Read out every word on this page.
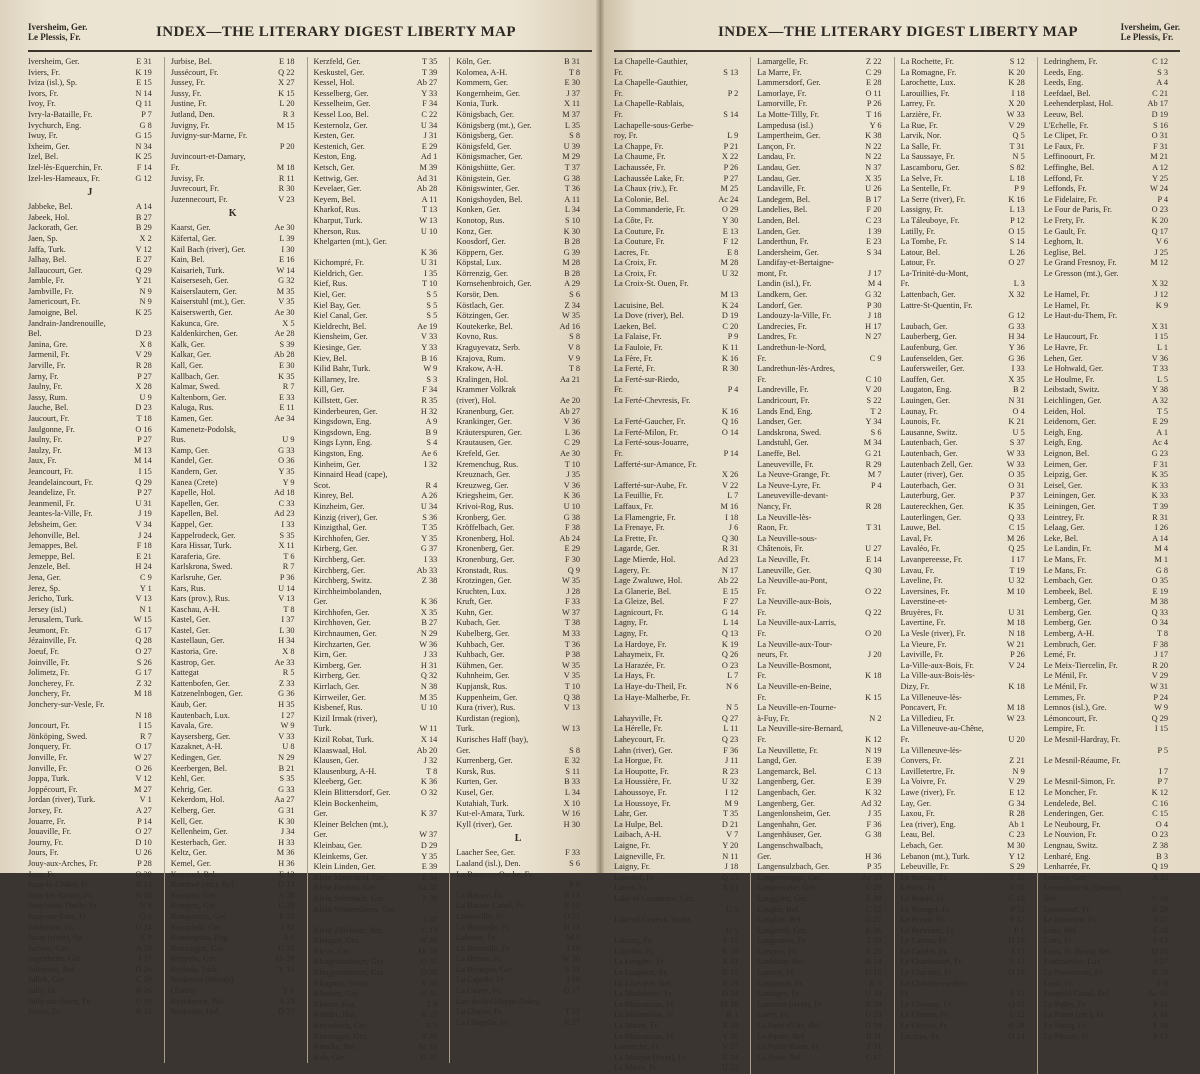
Iversheim, Ger.
Le Plessis, Fr.	INDEX—THE LITERARY DIGEST LIBERTY MAP
Iversheim, Ger.	E 31
Iviers, Fr.	K 19
Iviza (isl.), Sp.	E 15
Ivors, Fr.	N 14
Ivoy, Fr.	Q 11
Ivry-la-Bataille, Fr.	P 7
Ivychurch, Eng.	G 8
Iwuy, Fr.	G 15
Ixheim, Ger.	N 34
Izel, Bel.	K 25
Izel-lès-Equerchin, Fr.	F 14
Izel-les-Hameaux, Fr.	G 12
J
Jabbeke, Bel.	A 14
Jabeek, Hol.	B 27
Jackorath, Ger.	B 29
Jaen, Sp.	X 2
Jaffa, Turk.	V 12
Jalhay, Bel.	E 27
Jallaucourt, Ger.	Q 29
Jamble, Fr.	Y 21
Jambville, Fr.	N 9
Jamericourt, Fr.	N 9
Jamoigne, Bel.	K 25
Jandrain-Jandrenouille,
Bel.	D 23
Janina, Gre.	X 8
Jarmenil, Fr.	V 29
Jarville, Fr.	R 28
Jarny, Fr.	P 27
Jaulny, Fr.	X 28
Jassy, Rum.	U 9
Jauche, Bel.	D 23
Jaucourt, Fr.	T 18
Jaulgonne, Fr.	O 16
Jaulny, Fr.	P 27
Jaulzy, Fr.	M 13
Jaux, Fr.	M 14
Jeancourt, Fr.	I 15
Jeandelaincourt, Fr.	Q 29
Jeandelize, Fr.	P 27
Jeanmenil, Fr.	U 31
Jeantes-la-Ville, Fr.	J 19
Jebsheim, Ger.	V 34
Jehonville, Bel.	J 24
Jemappes, Bel.	F 18
Jemeppe, Bel.	E 21
Jenzele, Bel.	H 24
Jena, Ger.	C 9
Jerez, Sp.	Y 1
Jericho, Turk.	V 13
Jersey (isl.)	N 1
Jerusalem, Turk.	W 15
Jeumont, Fr.	G 17
Jézainville, Fr.	Q 28
Joeuf, Fr.	O 27
Joinville, Fr.	S 26
Jolimetz, Fr.	G 17
Joncherey, Fr.	Z 32
Jonchery, Fr.	M 18
Jonchery-sur-Vesle, Fr.
N 18
Joncourt, Fr.	I 15
Jönköping, Swed.	R 7
Jonquery, Fr.	O 17
Jonville, Fr.	W 27
Jonville, Fr.	O 26
Joppa, Turk.	V 12
Joppécourt, Fr.	M 27
Jordan (river), Turk.	V 1
Jorxey, Fr.	A 27
Jouarre, Fr.	P 14
Jouaville, Fr.	O 27
Journy, Fr.	D 10
Jours, Fr.	U 26
Jouy-aux-Arches, Fr.	P 28
Jouy, Fr.	O 29
Jouy-le-Châtel, Fr.	R 14
Jouy-lès-Reims, Fr.	N 18
Jouy-sous-Thelle, Fr.	N 9
Jouy-sur-Eure, Fr.	Q 8
Jubécourt, Fr.	O 24
Jucar (river), Sp.	X 9
Juchen, Ger.	A 29
Jugenheim, Ger.	I 37
Julémont, Bel.	D 26
Julich, Ger.	C 29
Jully, Fr.	R 26
Jully-sur-Sarce, Fr.	U 19
Jumet, Fr.	R 15
Jurbise, Bel.	E 18
Jussécourt, Fr.	Q 22
Jussey, Fr.	X 27
Jussy, Fr.	K 15
Justine, Fr.	L 20
Jutland, Den.	R 3
Juvigny, Fr.	M 15
Juvigny-sur-Marne, Fr.
P 20
Juvincourt-et-Damary,
Fr.	M 18
Juvisy, Fr.	R 11
Juvrecourt, Fr.	R 30
Juzennecourt, Fr.	V 23
K
Kaarst, Ger.	Ae 30
Käfertal, Ger.	L 39
Kail Bach (river), Ger.	I 30
Kain, Bel.	E 16
Kaisarieh, Turk.	W 14
Kaiserseseh, Ger.	G 32
Kaiserslautern, Ger.	M 35
Kaiserstuhl (mt.), Ger.	V 35
Kaiserswerth, Ger.	Ae 30
Kakunca, Gre.	X 5
Kaldenkirchen, Ger.	Ae 28
Kalk, Ger.	S 39
Kalkar, Ger.	Ab 28
Kall, Ger.	E 30
Kallbach, Ger.	K 35
Kalmar, Swed.	R 7
Kaltenborn, Ger.	E 33
Kaluga, Rus.	E 11
Kamen, Ger.	Ae 34
Kamenetz-Podolsk,
Rus.	U 9
Kamp, Ger.	G 33
Kandel, Ger.	O 36
Kandern, Ger.	Y 35
Kanea (Crete)	Y 9
Kapelle, Hol.	Ad 18
Kapellen, Ger.	C 33
Kapellen, Bel.	Ad 23
Kappel, Ger.	I 33
Kappelrodeck, Ger.	S 35
Kara Hissar, Turk.	X 11
Karaferia, Gre.	T 6
Karlskrona, Swed.	R 7
Karlsruhe, Ger.	P 36
Kars, Rus.	U 14
Kars (prov.), Rus.	V 13
Kaschau, A-H.	T 8
Kastel, Ger.	I 37
Kastel, Ger.	L 30
Kastellaun, Ger.	H 34
Kastoria, Gre.	X 8
Kastrop, Ger.	Ae 33
Kattegat	R 5
Kattenbofen, Ger.	Z 33
Katzenelnbogen, Ger.	G 36
Kaub, Ger.	H 35
Kautenbach, Lux.	I 27
Kavala, Gre.	W 9
Kaysersberg, Ger.	V 33
Kazaknet, A-H.	U 8
Kedingen, Ger.	N 29
Keerbergen, Bel.	B 21
Kehl, Ger.	S 35
Kehrig, Ger.	G 33
Kekerdom, Hol.	Aa 27
Kelberg, Ger.	G 31
Kell, Ger.	K 30
Kellenheim, Ger.	J 34
Kesterbach, Ger.	H 33
Keltz, Ger.	M 36
Kemel, Ger.	H 36
Kemmel, Bel.	E 13
Kemmel (mt.), Bel.	D 13
Kempen, Ger.	A 28
Kempen, Ger.	C 29
Kempenich, Ger.	F 32
Kempfeld, Ger.	J 32
Kennington, Eng.	A 5
Kenzingen, Ger.	U 35
Keppeln, Ger.	Ab 28
Kerbela, Turk.	X 15
Kerkenna (islands)
(Tunis)	Y 6
Kerkhoven, Bel.	A 23
Kerkrade, Hol.	D 27
Kerzfeld, Ger.	T 35
Keskustel, Ger.	T 39
Kessel, Hol.	Ab 27
Kesselberg, Ger.	Y 33
Kesselheim, Ger.	F 34
Kessel Loo, Bel.	C 22
Kesternolz, Ger.	U 34
Kesten, Ger.	J 31
Kestenich, Ger.	E 29
Keston, Eng.	Ad 1
Ketsch, Ger.	M 39
Kettwig, Ger.	Ad 31
Kevelaer, Ger.	Ab 28
Keyem, Bel.	A 11
Kharkof, Rus.	T 13
Kharput, Turk.	W 13
Kherson, Rus.	U 10
Khelgarten (mt.), Ger.
K 36
Kichompré, Fr.	U 31
Kieldrich, Ger.	I 35
Kief, Rus.	T 10
Kiel, Ger.	S 5
Kiel Bay, Ger.	S 5
Kiel Canal, Ger.	S 5
Kieldrecht, Bel.	Ae 19
Kiensheim, Ger.	V 33
Kiesinge, Ger.	Y 33
Kiev, Bel.	B 16
Kilid Bahr, Turk.	W 9
Killarney, Ire.	S 3
Kill, Ger.	F 34
Killstett, Ger.	R 35
Kinderbeuren, Ger.	H 32
Kingsdown, Eng.	A 9
Kingsdown, Eng.	B 9
Kings Lynn, Eng.	S 4
Kingston, Eng.	Ae 6
Kinheim, Ger.	I 32
Kinnaird Head (cape),
Scot.	R 4
Kinrey, Bel.	A 26
Kinzheim, Ger.	U 34
Kinzig (river), Ger.	S 36
Kinzigthal, Ger.	T 35
Kirchhofen, Ger.	Y 35
Kirberg, Ger.	G 37
Kirchberg, Ger.	I 33
Kirchberg, Ger.	Ab 33
Kirchberg, Switz.	Z 38
Kirchheimbolanden,
Ger.	K 36
Kirchhofen, Ger.	X 35
Kirchhoven, Ger.	B 27
Kirchnaumen, Ger.	N 29
Kirchzarten, Ger.	W 36
Kirn, Ger.	J 33
Kirnberg, Ger.	H 31
Kirrberg, Ger.	Q 32
Kirrlach, Ger.	N 38
Kirrweiler, Ger.	M 35
Kisbenef, Rus.	U 10
Kizil Irmak (river),
Turk.	W 11
Kizil Robat, Turk.	X 14
Klaaswaal, Hol.	Ab 20
Klausen, Ger.	J 32
Klausenburg, A-H.	T 8
Kleeberg, Ger.	K 36
Klein Blittersdorf, Ger.	O 32
Klein Bockenheim,
Ger.	K 37
Kleiner Belchen (mt.),
Ger.	W 37
Kleinbau, Ger.	D 29
Kleinkems, Ger.	Y 35
Klein Linden, Ger.	E 39
Klein Maischeid, Ger.	E 34
Klein Recken, Ger.	Aa 32
Klein Steinbach, Ger.	P 39
Klein Winternheim, Ger.
I 37
Klein Zillebeke, Bel.	C 13
Klengen, Ger.	W 36
Kleve, Ger.	Ab 28
Klingenmünster, Ger.	O 35
Klingenmünster, Ger.	O 35
Klingnau, Switz.	Y 38
Klosters, Ger.	U 35
Kloster, Rus.	T 8
Knüder, Hol.	B 27
Knesebeck, Ger.	A 5
Kneeingen, Ger.	Y 36
Knocke, Bel.	Ac 16
Kob, Ger.	G 37
Köln, Ger.	B 31
Kolomea, A-H.	T 8
Kommern, Ger.	E 30
Kongernheim, Ger.	J 37
Konia, Turk.	X 11
Königsbach, Ger.	M 37
Königsberg (mt.), Ger.	L 35
Königsberg, Ger.	S 8
Königsfeld, Ger.	U 39
Königsmacher, Ger.	M 29
Königshütte, Ger.	T 37
Königstein, Ger.	G 38
Königswinter, Ger.	T 36
Konigshoyden, Bel.	A 11
Konken, Ger.	L 34
Konotop, Rus.	S 10
Konz, Ger.	K 30
Koosdorf, Ger.	B 28
Köppern, Ger.	G 39
Köpstal, Lux.	M 28
Körrenzig, Ger.	B 28
Kornsehenbroich, Ger.	A 29
Korsör, Den.	S 6
Köstlach, Ger.	Z 34
Kötzingen, Ger.	W 35
Koutekerke, Bel.	Ad 16
Kovno, Rus.	S 8
Kraguyevatz, Serb.	V 8
Krajova, Rum.	V 9
Krakow, A-H.	T 8
Kralingen, Hol.	Aa 21
Krammer Volkrak
(river), Hol.	Ae 20
Kranenburg, Ger.	Ab 27
Krankinger, Ger.	V 36
Kräuterspuren, Ger.	L 36
Krautausen, Ger.	C 29
Krefeld, Ger.	Ae 30
Kremenchug, Rus.	T 10
Kreuznach, Ger.	J 35
Kreuzweg, Ger.	V 36
Kriegsheim, Ger.	K 36
Krivoi-Rog, Rus.	U 10
Kronberg, Ger.	G 38
Kröffelbach, Ger.	F 38
Kronenberg, Hol.	Ab 24
Kronenberg, Ger.	E 29
Kronenburg, Ger.	F 30
Kronstadt, Rus.	Q 9
Krotzingen, Ger.	W 35
Kruchten, Lux.	J 28
Kruft, Ger.	F 33
Kuhn, Ger.	W 37
Kubach, Ger.	T 38
Kubelberg, Ger.	M 33
Kuhbach, Ger.	T 36
Kuhbach, Ger.	P 38
Kühmen, Ger.	W 35
Kuhnheim, Ger.	V 35
Kupjansk, Rus.	T 10
Kuppenheim, Ger.	Q 38
Kura (river), Rus.	V 13
Kurdistan (region),
Turk.	W 13
Kurisches Haff (bay),
Ger.	S 8
Kurrenberg, Ger.	E 32
Kursk, Rus.	S 11
Kurten, Ger.	B 33
Kusel, Ger.	L 34
Kutahiah, Turk.	X 10
Kut-el-Amara, Turk.	W 16
Kyll (river), Ger.	H 30
L
Laacher See, Ger.	F 33
Laaland (isl.), Den.	S 6
La Barre-en-Ouche, Fr.
P 8
La Bassée, Fr.	E 13
La Bassée Canal, Fr.	E 12
Labeuville, Fr.	O 27
La Boisselle, Fr.	H 13
Labosse, Fr.	M 9
La Bouteille, Fr.	I 19
La Bresse, Fr.	W 30
La Brouque, Ger.	S 33
La Capelle, Fr.	I 18
La Cauve, Fr.	Q 17
Lac-de-la-Gileppe (lake),
La Chaise, Fr.	T 23
La Chapelle, Fr.	R 27
INDEX—THE LITERARY DIGEST LIBERTY MAP	Iversheim, Ger.
Le Plessis, Fr.
La Chapelle-Gauthier,
Fr.	S 13
La Chapelle-Gauthier,
Fr.	P 2
La Chapelle-Rablais,
Fr.	S 14
Lachapelle-sous-Gerbe-
roy, Fr.	L 9
La Chappe, Fr.	P 21
La Chaume, Fr.	X 22
Lachaussée, Fr.	P 26
Lachaussée Lake, Fr.	P 27
La Chaux (riv.), Fr.	M 25
La Colonie, Bel.	Ac 24
La Commanderie, Fr.	O 29
La Côte, Fr.	Y 30
La Couture, Fr.	E 13
La Couture, Fr.	F 12
Lacres, Fr.	E 8
La Croix, Fr.	M 28
La Croix, Fr.	U 32
La Croix-St. Ouen, Fr.
M 13
Lacuisine, Bel.	K 24
La Dove (river), Bel.	D 19
Laeken, Bel.	C 20
La Falaise, Fr.	P 9
La Fauloie, Fr.	K 11
La Fère, Fr.	K 16
La Ferté, Fr.	R 30
La Ferté-sur-Riedo,
Fr.	P 4
La Ferté-Chevresis, Fr.
K 16
La Ferté-Gaucher, Fr.	Q 16
La Ferté-Milon, Fr.	O 14
La Ferté-sous-Jouarre,
Fr.	P 14
Lafferté-sur-Amance, Fr.
X 26
Lafferté-sur-Aube, Fr.	V 22
La Feuillie, Fr.	L 7
Laffaux, Fr.	M 16
La Flamengrie, Fr.	I 18
La Frenaye, Fr.	J 6
La Frette, Fr.	Q 30
Lagarde, Ger.	R 31
Lage Mierde, Hol.	Ad 23
Lagery, Fr.	N 17
Lage Zwaluwe, Hol.	Ab 22
La Glanerie, Bel.	E 15
La Gleize, Bel.	F 27
Lagnicourt, Fr.	G 14
Lagny, Fr.	L 14
Lagny, Fr.	Q 13
La Hardoye, Fr.	K 19
Lahaymeix, Fr.	Q 26
La Harazée, Fr.	O 23
La Hays, Fr.	L 7
La Haye-du-Theil, Fr.	N 6
La Haye-Malherbe, Fr.
N 5
Lahayville, Fr.	Q 27
La Hérelle, Fr.	L 11
Laheycourt, Fr.	Q 23
Lahn (river), Ger.	F 36
La Horgue, Fr.	J 11
La Houpotte, Fr.	R 23
La Houssière, Fr.	U 32
Lahoussoye, Fr.	I 12
La Houssoye, Fr.	M 9
Lahr, Ger.	T 35
La Hulpe, Bel.	D 21
Laibach, A-H.	V 7
Laigne, Fr.	Y 20
Laigneville, Fr.	N 11
Laigny, Fr.	J 18
Laimont, Fr.	Q 23
Laires, Fr.	E 11
Lake of Constance, Ger.
U 5
Lake of Geneva, Switz.
U 5
Lalaing, Fr.	F 15
Lalobbe, Fr.	K 20
La Longine, Fr.	X 31
La Loupière, Fr.	E 15
La Louvière, Bel.	F 19
La Madeleine, Fr.	D 14
La Malmaison, Fr.	M 18
La Malmaison, Fr.	R 1
La Maine, Fr.	X 20
La Malmaison, Fr.	Y 26
Lamarche, Fr.	V 27
La Marque (river), Fr.	E 14
La Marre, Fr.	U 22
Lamargelle, Fr.	Z 22
La Marre, Fr.	C 29
Lammersdorf, Ger.	E 28
Lamorlaye, Fr.	O 11
Lamorville, Fr.	P 26
La Motte-Tilly, Fr.	T 16
Lampedusa (isl.)	Y 6
Lampertheim, Ger.	K 38
Lançon, Fr.	N 22
Landau, Fr.	N 22
Landau, Ger.	N 37
Landau, Ger.	X 35
Landaville, Fr.	U 26
Landegem, Bel.	B 17
Landelies, Bel.	F 20
Landen, Bel.	C 23
Landen, Ger.	I 39
Landerthun, Fr.	E 23
Landersheim, Ger.	S 34
Landifay-et-Bertaigne-
mont, Fr.	J 17
Landin (isl.), Fr.	M 4
Landkern, Ger.	G 32
Landorf, Ger.	P 30
Landouzy-la-Ville, Fr.	J 18
Landrecies, Fr.	H 17
Landres, Fr.	N 27
Landrethun-le-Nord,
Fr.	C 9
Landrethun-lès-Ardres,
Fr.	C 10
Landreville, Fr.	V 20
Landricourt, Fr.	S 22
Lands End, Eng.	T 2
Landser, Ger.	Y 34
Landskrona, Swed.	S 6
Landstuhl, Ger.	M 34
Laneffe, Bel.	G 21
Laneuveville, Fr.	R 29
La Neuve-Grange, Fr.	M 7
La Neuve-Lyre, Fr.	P 4
Laneuveville-devant-
Nancy, Fr.	R 28
La Neuville-lès-
Raon, Fr.	T 31
La Neuville-sous-
Châtenois, Fr.	U 27
La Neuville, Fr.	E 14
Laneuville, Ger.	Q 30
La Neuville-au-Pont,
Fr.	O 22
La Neuville-aux-Bois,
Fr.	Q 22
La Neuville-aux-Larris,
Fr.	O 20
La Neuville-aux-Tour-
neurs, Fr.	J 20
La Neuville-Bosmont,
Fr.	K 18
La Neuville-en-Beine,
Fr.	K 15
La Neuville-en-Tourne-
à-Fuy, Fr.	N 2
La Neuville-sire-Bernard,
Fr.	K 12
La Neuvillette, Fr.	N 19
Langd, Ger.	E 39
Langemarck, Bel.	C 13
Langenberg, Ger.	E 39
Langenbach, Ger.	K 32
Langenberg, Ger.	Ad 32
Langenlonsheim, Ger.	J 35
Langenhahn, Ger.	F 36
Langenhäuser, Ger.	G 38
Langenschwalbach,
Ger.	H 36
Langensulzbach, Ger.	P 35
Langerbrügge, Ger.	Ae 33
Langerwehe, Ger.	C 29
Langgöns, Ger.	E 39
Langhe, Bel.	C 12
Langlier, Bel.	G 27
Langmeil, Ger.	K 36
Langonnes, Fr.	T 33
Langres, Fr.	X 25
Lankhaar, Bel.	B 14
Lannoy, Fr.	D 15
Lanquetot, Fr.	K 5
Lantages, Fr.	U 20
Lanterne (river), Fr.	X 29
Lanty, Fr.	U 23
La Patte d'Oie, Bel.	D 18
La Panne, Bel.	B 11
La Petite-Raon, Fr.	T 31
La Pinte, Bel.	C 17
La Rochette, Fr.	S 12
La Romagne, Fr.	K 20
Larochette, Lux.	K 28
Larouillies, Fr.	I 18
Larrey, Fr.	X 20
Larzière, Fr.	W 33
La Rue, Fr.	V 29
Larvik, Nor.	Q 5
La Salle, Fr.	T 31
La Saussaye, Fr.	N 5
Lascamboru, Ger.	S 82
La Selve, Fr.	L 18
La Sentelle, Fr.	P 9
La Serre (river), Fr.	K 16
Lassigny, Fr.	L 13
La Táleuboye, Fr.	P 12
Latilly, Fr.	O 15
La Tombe, Fr.	S 14
Latour, Bel.	L 26
Latour, Fr.	O 27
La-Trinité-du-Mont,
Fr.	L 3
Lattenbach, Ger.	X 32
Lattre-St-Quentin, Fr.
G 12
Laubach, Ger.	G 33
Lauberberg, Ger.	H 34
Laufenburg, Ger.	Y 36
Laufenselden, Ger.	G 36
Laufersweiler, Ger.	I 33
Lauffen, Ger.	X 35
Laugaton, Eng.	B 2
Lauingen, Ger.	N 31
Launay, Fr.	O 4
Launois, Fr.	K 21
Lausanne, Switz.	U 5
Lautenbach, Ger.	S 37
Lautenbach, Ger.	W 33
Lautenbach Zell, Ger.	W 33
Lauter (river), Ger.	O 35
Lauterbach, Ger.	O 31
Lauterburg, Ger.	P 37
Lautereckhen, Ger.	K 35
Lauterlingen, Ger.	Q 33
Lauwe, Bel.	C 15
Laval, Fr.	M 26
Lavaléo, Fr.	Q 25
Lavanpereesse, Fr.	I 17
Lavau, Fr.	T 19
Laveline, Fr.	U 32
Laversines, Fr.	M 10
Laverstine-et-
Bruyères, Fr.	U 31
Lavertine, Fr.	M 18
La Vesle (river), Fr.	N 18
La Vieure, Fr.	W 21
Laviville, Fr.	P 26
La-Ville-aux-Bois, Fr.	V 24
La Ville-aux-Bois-lès-
Dizy, Fr.	K 18
La Villeneuve-lès-
Poncavert, Fr.	M 18
La Villedieu, Fr.	W 23
La Villeneuve-au-Chêne,
Fr.	U 20
La Villeneuve-lès-
Convers, Fr.	Z 21
Lavilletertre, Fr.	N 9
La Voivre, Fr.	V 29
Lawe (river), Fr.	E 12
Lay, Ger.	G 34
Laxou, Fr.	R 28
Lea (river), Eng.	Ab 1
Leau, Bel.	C 23
Lebach, Ger.	M 30
Lebanon (mt.), Turk.	Y 12
Lebeuville, Fr.	S 29
Le Boulay, Fr.	T 32
Lebiez, Fr.	F 10
Le Boisle, Fr.	G 10
Le Bourget, Fr.	P 11
Le Breuil, Fr.	P 17
Le Bréviaire, Fr.	P 1
Le Cateau, Fr.	H 16
Le Catelet, Fr.	I 15
Le Chardonnet, Fr.	V 13
Le Charmel, Fr.	O 16
Le Châtelet-en-Brie,
Fr.	S 13
Le Chesnay, Fr.	Q 11
Le Chesne, Fr.	L 22
Le Clerjus, Fr.	W 29
Leclaye, Fr.	O 14
Ledringhem, Fr.	C 12
Leeds, Eng.	S 3
Leeds, Eng.	A 4
Leefdael, Bel.	C 21
Leehenderplast, Hol.	Ab 17
Leeuw, Bel.	D 19
L'Echelle, Fr.	S 16
Le Clipet, Fr.	O 31
Le Faux, Fr.	F 31
Leffinoourt, Fr.	M 21
Leffinghe, Bel.	A 12
Leffond, Fr.	Y 25
Leffonds, Fr.	W 24
Le Fidelaire, Fr.	P 4
Le Four de Paris, Fr.	O 23
Le Frety, Fr.	K 20
Le Gault, Fr.	Q 17
Leghorn, It.	V 6
Leglise, Bel.	J 25
Le Grand Fresnoy, Fr.	M 12
Le Gresson (mt.), Ger.
X 32
Le Hamel, Fr.	J 12
Le Hamel, Fr.	K 9
Le Haut-du-Them, Fr.
X 31
Le Haucourt, Fr.	I 15
Le Havre, Fr.	L 1
Lehen, Ger.	V 36
Le Hohwald, Ger.	T 33
Le Houlme, Fr.	L 5
Leibstadt, Switz.	Y 38
Leichlingen, Ger.	A 32
Leiden, Hol.	T 5
Leidenorn, Ger.	E 29
Leigh, Eng.	A 1
Leigh, Eng.	Ac 4
Leignon, Bel.	G 23
Leimen, Ger.	F 31
Leipzig, Ger.	K 35
Leisel, Ger.	K 33
Leiningen, Ger.	K 33
Leiningen, Ger.	T 39
Leintrey, Fr.	R 31
Lelaag, Ger.	I 26
Leke, Bel.	A 14
Le Landin, Fr.	M 4
Le Mans, Fr.	M 1
Le Mans, Fr.	G 8
Lembach, Ger.	O 35
Lembeek, Bel.	E 19
Lemberg, Ger.	M 38
Lemberg, Ger.	Q 33
Lemberg, Ger.	O 34
Lemberg, A-H.	T 8
Lembruch, Ger.	F 38
Lemé, Fr.	J 17
Le Meix-Tiercelin, Fr.	R 20
Le Ménil, Fr.	V 29
Le Ménil, Fr.	W 31
Lemmes, Fr.	P 24
Lemnos (isl.), Gre.	W 9
Lémoncourt, Fr.	Q 29
Lempire, Fr.	I 15
Le Mesnil-Hardray, Fr.
P 5
Le Mesnil-Réaume, Fr.
I 7
Le Mesnil-Simon, Fr.	P 7
Le Moncher, Fr.	K 12
Lendelede, Bel.	C 16
Lenderingen, Ger.	C 15
Le Neubourg, Fr.	O 4
Le Nouvion, Fr.	O 23
Lengnau, Switz.	Z 38
Lenharé, Eng.	B 3
Lenharrée, Fr.	Q 19
Lennep, Ger.	A 33
Lenneriuis-St. Quentin,
Bel.	C 19
Leoncourt, Fr.	R 29
Le Nouvion, Fr.	I 17
Lens, Bel.	E 18
Lens, Fr.	F 13
Lens, St. Remy, Bel.	D 23
Lentzweiler, Lux.	I 27
Le Nuisement, Fr.	R 19
Lenz, Fr.	F 9
Leopold Canal, Bel.	Ac 15
Le Pallet, Fr.	P 12
Le Paton (mt.), Fr.	X 31
Le Parcq, Fr.	F 10
Le Plessis, Fr.	P 13
